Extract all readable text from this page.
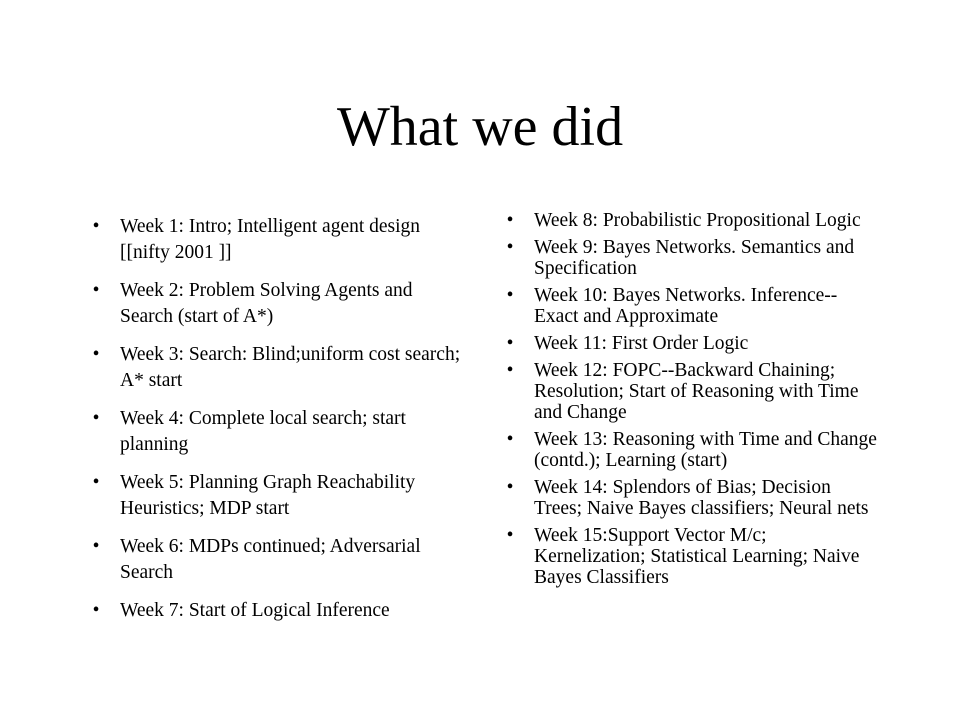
What we did
•	Week 1: Intro; Intelligent agent design [[nifty 2001 ]]
•	Week 2: Problem Solving Agents and Search (start of A*)
•	Week 3: Search: Blind;uniform cost search; A* start
•	Week 4: Complete local search; start planning
•	Week 5: Planning Graph Reachability Heuristics; MDP start
•	Week 6: MDPs continued; Adversarial Search
•	Week 7: Start of Logical Inference
•	Week 8: Probabilistic Propositional Logic
•	Week 9: Bayes Networks. Semantics and Specification
•	Week 10: Bayes Networks. Inference--Exact and Approximate
•	Week 11: First Order Logic
•	Week 12: FOPC--Backward Chaining; Resolution; Start of Reasoning with Time and Change
•	Week 13: Reasoning with Time and Change (contd.); Learning (start)
•	Week 14: Splendors of Bias; Decision Trees; Naive Bayes classifiers; Neural nets
•	Week 15:Support Vector M/c; Kernelization; Statistical Learning; Naive Bayes Classifiers
